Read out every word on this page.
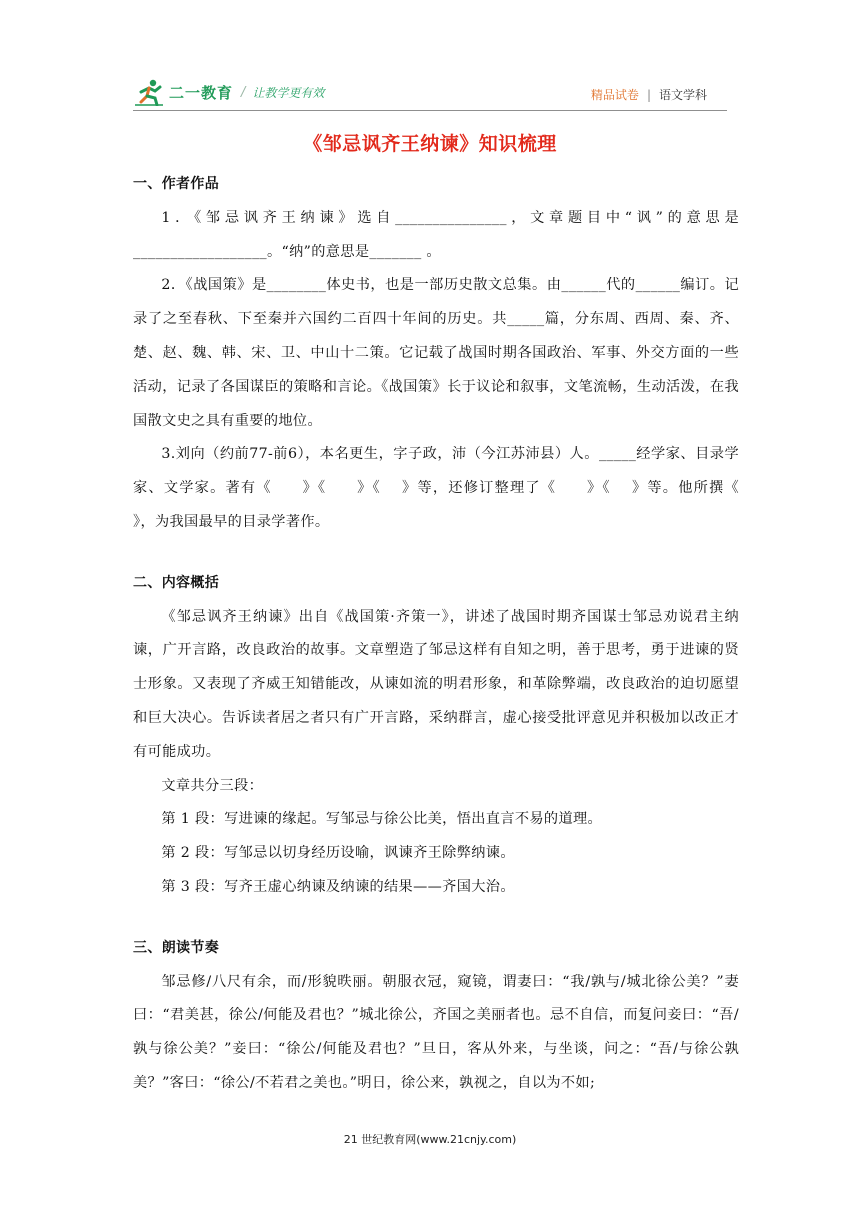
二一教育 / 让教学更有效	精品试卷 | 语文学科
《邹忌讽齐王纳谏》知识梳理
一、作者作品

1．《邹忌讽齐王纳谏》选自_______________，文章题目中“讽”的意思是__________________。“纳”的意思是_______ 。

2．《战国策》是________体史书，也是一部历史散文总集。由______代的______编订。记录了之至春秋、下至秦并六国约二百四十年间的历史。共_____篇，分东周、西周、秦、齐、楚、赵、魏、韩、宋、卫、中山十二策。它记载了战国时期各国政治、军事、外交方面的一些活动，记录了各国谋臣的策略和言论。《战国策》长于议论和叙事，文笔流畅，生动活泼，在我国散文史之具有重要的地位。

3.刘向（约前77-前6），本名更生，字子政，沛（今江苏沛县）人。_____经学家、目录学家、文学家。著有《　　》《　　》《　 》等，还修订整理了《　　》《　 》等。他所撰《　 》，为我国最早的目录学著作。

二、内容概括

《邹忌讽齐王纳谏》出自《战国策·齐策一》，讲述了战国时期齐国谋士邹忌劝说君主纳谏，广开言路，改良政治的故事。文章塑造了邹忌这样有自知之明，善于思考，勇于进谏的贤士形象。又表现了齐威王知错能改，从谏如流的明君形象，和革除弊端，改良政治的迫切愿望和巨大决心。告诉读者居之者只有广开言路，采纳群言，虚心接受批评意见并积极加以改正才有可能成功。

文章共分三段：

第 1 段：写进谏的缘起。写邹忌与徐公比美，悟出直言不易的道理。

第 2 段：写邹忌以切身经历设喻，讽谏齐王除弊纳谏。

第 3 段：写齐王虚心纳谏及纳谏的结果——齐国大治。

三、朗读节奏

邹忌修/八尺有余，而/形貌昳丽。朝服衣冠，窥镜，谓妻曰：“我/孰与/城北徐公美？”妻曰：“君美甚，徐公/何能及君也？”城北徐公，齐国之美丽者也。忌不自信，而复问妾曰：“吾/孰与徐公美？”妾曰：“徐公/何能及君也？”旦日，客从外来，与坐谈，问之：“吾/与徐公孰美？”客曰：“徐公/不若君之美也。”明日，徐公来，孰视之，自以为不如;

21 世纪教育网(www.21cnjy.com)
